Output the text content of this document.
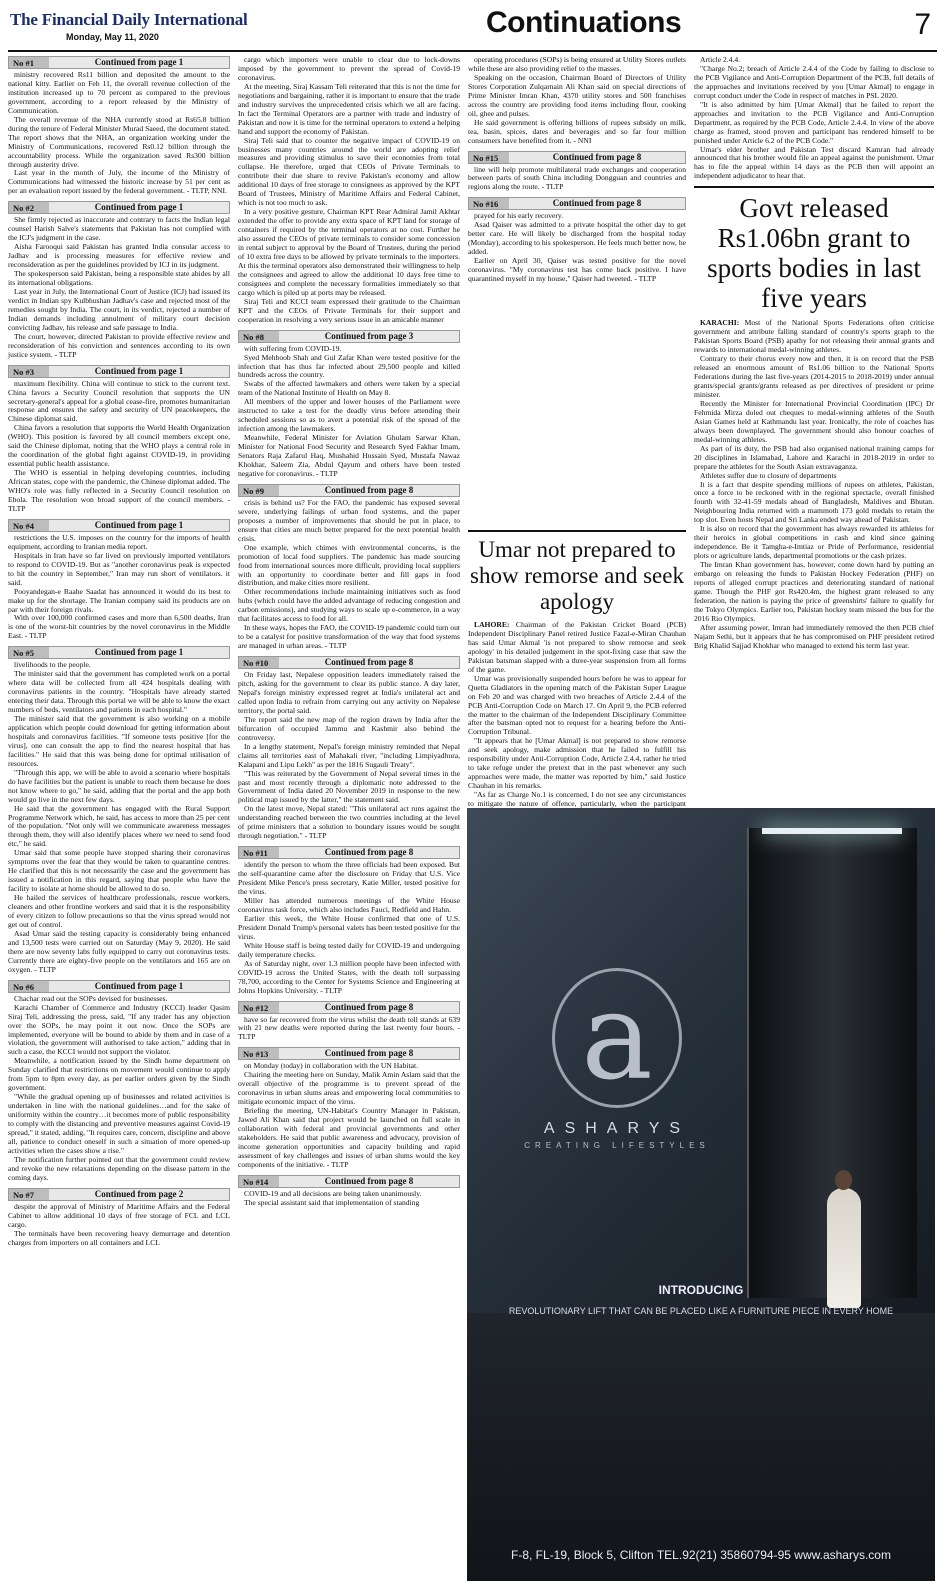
The Financial Daily International
Monday, May 11, 2020	Continuations	7
No #1	Continued from page 1

ministry recovered Rs11 billion and deposited the amount to the national kitty. Earlier on Feb 11, the overall revenue collection of the institution increased up to 70 percent as compared to the previous government, according to a report released by the Ministry of Communication.

The overall revenue of the NHA currently stood at Rs65.8 billion during the tenure of Federal Minister Murad Saeed, the document stated. The report shows that the NHA, an organization working under the Ministry of Communications, recovered Rs0.12 billion through the accountability process. While the organization saved Rs300 billion through austerity drive.

Last year in the month of July, the income of the Ministry of Communications had witnessed the historic increase by 51 per cent as per an evaluation report issued by the federal government. - TLTP, NNI.

No #2	Continued from page 1

She firmly rejected as inaccurate and contrary to facts the Indian legal counsel Harish Salve's statements that Pakistan has not complied with the ICJ's judgment in the case.

Aisha Farooqui said Pakistan has granted India consular access to Jadhav and is processing measures for effective review and reconsideration as per the guidelines provided by ICJ in its judgment.

The spokesperson said Pakistan, being a responsible state abides by all its international obligations.

Last year in July, the International Court of Justice (ICJ) had issued its verdict in Indian spy Kulbhushan Jadhav's case and rejected most of the remedies sought by India. The court, in its verdict, rejected a number of Indian demands including annulment of military court decision convicting Jadhav, his release and safe passage to India.

The court, however, directed Pakistan to provide effective review and reconsideration of his conviction and sentences according to its own justice system. - TLTP

No #3	Continued from page 1

maximum flexibility. China will continue to stick to the current text. China favors a Security Council resolution that supports the UN secretary-general's appeal for a global cease-fire, promotes humanitarian response and ensures the safety and security of UN peacekeepers, the Chinese diplomat said.

China favors a resolution that supports the World Health Organization (WHO). This position is favored by all council members except one, said the Chinese diplomat, noting that the WHO plays a central role in the coordination of the global fight against COVID-19, in providing essential public health assistance.

The WHO is essential in helping developing countries, including African states, cope with the pandemic, the Chinese diplomat added. The WHO's role was fully reflected in a Security Council resolution on Ebola. The resolution won broad support of the council members. - TLTP

No #4	Continued from page 1

restrictions the U.S. imposes on the country for the imports of health equipment, according to Iranian media report.

Hospitals in Iran have so far lived on previously imported ventilators to respond to COVID-19. But as "another coronavirus peak is expected to hit the country in September," Iran may run short of ventilators. it said.

Pooyandegan-e Raahe Saadat has announced it would do its best to make up for the shortage. The Iranian company said its products are on par with their foreign rivals.

With over 100,000 confirmed cases and more than 6,500 deaths, Iran is one of the worst-hit countries by the novel coronavirus in the Middle East. - TLTP

No #5	Continued from page 1

livelihoods to the people.

The minister said that the government has completed work on a portal where data will be collected from all 424 hospitals dealing with coronavirus patients in the country. "Hospitals have already started entering their data. Through this portal we will be able to know the exact numbers of beds, ventilators and patients in each hospital."

The minister said that the government is also working on a mobile application which people could download for getting information about hospitals and coronavirus facilities. "If someone tests positive [for the virus], one can consult the app to find the nearest hospital that has facilities." He said that this was being done for optimal utilisation of resources.

"Through this app, we will be able to avoid a scenario where hospitals do have facilities but the patient is unable to reach them because he does not know where to go," he said, adding that the portal and the app both would go live in the next few days.

He said that the government has engaged with the Rural Support Programme Network which, he said, has access to more than 25 per cent of the population. "Not only will we communicate awareness messages through them, they will also identify places where we need to send food etc," he said.

Umar said that some people have stopped sharing their coronavirus symptoms over the fear that they would be taken to quarantine centres. He clarified that this is not necessarily the case and the government has issued a notification in this regard, saying that people who have the facility to isolate at home should be allowed to do so.

He hailed the services of healthcare professionals, rescue workers, cleaners and other frontline workers and said that it is the responsibility of every citizen to follow precautions so that the virus spread would not get out of control.

Asad Umar said the testing capacity is considerably being enhanced and 13,500 tests were carried out on Saturday (May 9, 2020). He said there are now seventy labs fully equipped to carry out coronavirus tests. Currently there are eighty-five people on the ventilators and 165 are on oxygen. - TLTP

No #6	Continued from page 1

Chachar read out the SOPs devised for businesses.

Karachi Chamber of Commerce and Industry (KCCI) leader Qasim Siraj Teli, addressing the press, said, "If any trader has any objection over the SOPs, he may point it out now. Once the SOPs are implemented, everyone will be bound to abide by them and in case of a violation, the government will authorised to take action," adding that in such a case, the KCCI would not support the violator.

Meanwhile, a notification issued by the Sindh home department on Sunday clarified that restrictions on movement would continue to apply from 5pm to 8pm every day, as per earlier orders given by the Sindh government.

"While the gradual opening up of businesses and related activities is undertaken in line with the national guidelines…and for the sake of uniformity within the country…it becomes more of public responsibility to comply with the distancing and preventive measures against Covid-19 spread," it stated, adding, "It requires care, concern, discipline and above all, patience to conduct oneself in such a situation of more opened-up activities when the cases show a rise."

The notification further pointed out that the government could review and revoke the new relaxations depending on the disease pattern in the coming days.

No #7	Continued from page 2

despite the approval of Ministry of Maritime Affairs and the Federal Cabinet to allow additional 10 days of free storage of FCL and LCL cargo.

The terminals have been recovering heavy demurrage and detention charges from importers on all containers and LCL

cargo which importers were unable to clear due to lock-downs imposed by the government to prevent the spread of Covid-19 coronavirus.

At the meeting, Siraj Kassam Teli reiterated that this is not the time for negotiations and bargaining, rather it is important to ensure that the trade and industry survives the unprecedented crisis which we all are facing. In fact the Terminal Operators are a partner with trade and industry of Pakistan and now it is time for the terminal operators to extend a helping hand and support the economy of Pakistan.

Siraj Teli said that to counter the negative impact of COVID-19 on businesses many countries around the world are adopting relief measures and providing stimulus to save their economies from total collapse. He therefore, urged that CEOs of Private Terminals to contribute their due share to revive Pakistan's economy and allow additional 10 days of free storage to consignees as approved by the KPT Board of Trustees, Ministry of Maritime Affairs and Federal Cabinet, which is not too much to ask.

In a very positive gesture, Chairman KPT Rear Admiral Jamil Akhtar extended the offer to provide any extra space of KPT land for storage of containers if required by the terminal operators at no cost. Further he also assured the CEOs of private terminals to consider some concession in rental subject to approval by the Board of Trustees, during the period of 10 extra free days to be allowed by private terminals to the importers. At this the terminal operators also demonstrated their willingness to help the consignees and agreed to allow the additional 10 days free time to consignees and complete the necessary formalities immediately so that cargo which is piled up at ports may be released.

Siraj Teli and KCCI team expressed their gratitude to the Chairman KPT and the CEOs of Private Terminals for their support and cooperation in resolving a very serious issue in an amicable manner

No #8	Continued from page 3

with suffering from COVID-19.

Syed Mehboob Shah and Gul Zafar Khan were tested positive for the infection that has thus far infected about 29,500 people and killed hundreds across the country.

Swabs of the affected lawmakers and others were taken by a special team of the National Institute of Health on May 8.

All members of the upper and lower houses of the Parliament were instructed to take a test for the deadly virus before attending their scheduled sessions so as to avert a potential risk of the spread of the infection among the lawmakers.

Meanwhile, Federal Minister for Aviation Ghulam Sarwar Khan, Minister for National Food Security and Research Syed Fakhar Imam, Senators Raja Zafarul Haq, Mushahid Hussain Syed, Mustafa Nawaz Khokhar, Saleem Zia, Abdul Qayum and others have been tested negative for coronavirus. - TLTP

No #9	Continued from page 8

crisis is behind us? For the FAO, the pandemic has exposed several severe, underlying failings of urban food systems, and the paper proposes a number of improvements that should be put in place, to ensure that cities are much better prepared for the next potential health crisis.

One example, which chimes with environmental concerns, is the promotion of local food suppliers. The pandemic has made sourcing food from international sources more difficult, providing local suppliers with an opportunity to coordinate better and fill gaps in food distribution, and make cities more resilient.

Other recommendations include maintaining initiatives such as food hubs (which could have the added advantage of reducing congestion and carbon emissions), and studying ways to scale up e-commerce, in a way that facilitates access to food for all.

In these ways, hopes the FAO, the COVID-19 pandemic could turn out to be a catalyst for positive transformation of the way that food systems are managed in urban areas. - TLTP

No #10	Continued from page 8

On Friday last, Nepalese opposition leaders immediately raised the pitch, asking for the government to clear its public stance. A day later, Nepal's foreign ministry expressed regret at India's unilateral act and called upon India to refrain from carrying out any activity on Nepalese territory, the portal said.

The report said the new map of the region drawn by India after the bifurcation of occupied Jammu and Kashmir also behind the controversy.

In a lengthy statement, Nepal's foreign ministry reminded that Nepal claims all territories east of Mahakali river, "including Limpiyadhura, Kalapani and Lipu Lekh" as per the 1816 Sugauli Treaty".

"This was reiterated by the Government of Nepal several times in the past and most recently through a diplomatic note addressed to the Government of India dated 20 November 2019 in response to the new political map issued by the latter," the statement said.

On the latest move, Nepal stated: "This unilateral act runs against the understanding reached between the two countries including at the level of prime ministers that a solution to boundary issues would be sought through negotiation." - TLTP

No #11	Continued from page 8

identify the person to whom the three officials had been exposed. But the self-quarantine came after the disclosure on Friday that U.S. Vice President Mike Pence's press secretary, Katie Miller, tested positive for the virus.

Miller has attended numerous meetings of the White House coronavirus task force, which also includes Fauci, Redfield and Hahn.

Earlier this week, the White House confirmed that one of U.S. President Donald Trump's personal valets has been tested positive for the virus.

White House staff is being tested daily for COVID-19 and undergoing daily temperature checks.

As of Saturday night, over 1.3 million people have been infected with COVID-19 across the United States, with the death toll surpassing 78,700, according to the Center for Systems Science and Engineering at Johns Hopkins University. - TLTP

No #12	Continued from page 8

have so far recovered from the virus whilst the death toll stands at 639 with 21 new deaths were reported during the last twenty four hours. - TLTP

No #13	Continued from page 8

on Monday (today) in collaboration with the UN Habitat.

Chairing the meeting here on Sunday, Malik Amin Aslam said that the overall objective of the programme is to prevent spread of the coronavirus in urban slums areas and empowering local communities to mitigate economic impact of the virus.

Briefing the meeting, UN-Habitat's Country Manager in Pakistan, Jawed Ali Khan said that project would be launched on full scale in collaboration with federal and provincial governments and other stakeholders. He said that public awareness and advocacy, provision of income generation opportunities and capacity building and rapid assessment of key challenges and issues of urban slums would the key components of the initiative. - TLTP

No #14	Continued from page 8

COVID-19 and all decisions are being taken unanimously.

The special assistant said that implementation of standing

operating procedures (SOPs) is being ensured at Utility Stores outlets while these are also providing relief to the masses.

Speaking on the occasion, Chairman Board of Directors of Utility Stores Corporation Zulqarnain Ali Khan said on special directions of Prime Minister Imran Khan, 4370 utility stores and 500 franchises across the country are providing food items including flour, cooking oil, ghee and pulses.

He said government is offering billions of rupees subsidy on milk, tea, basin, spices, dates and beverages and so far four million consumers have benefited from it. - NNI

No #15	Continued from page 8

line will help promote multilateral trade exchanges and cooperation between parts of south China including Dongguan and countries and regions along the route. - TLTP

No #16	Continued from page 8

prayed for his early recovery.

Asad Qaiser was admitted to a private hospital the other day to get better care. He will likely be discharged from the hospital today (Monday), according to his spokesperson. He feels much better now, he added.

Earlier on April 30, Qaiser was tested positive for the novel coronavirus. "My coronavirus test has come back positive. I have quarantined myself in my house," Qaiser had tweeted. - TLTP

Umar not prepared to show remorse and seek apology

LAHORE: Chairman of the Pakistan Cricket Board (PCB) Independent Disciplinary Panel retired Justice Fazal-e-Miran Chauhan has said Umar Akmal 'is not prepared to show remorse and seek apology' in his detailed judgement in the spot-fixing case that saw the Pakistan batsman slapped with a three-year suspension from all forms of the game.

Umar was provisionally suspended hours before he was to appear for Quetta Gladiators in the opening match of the Pakistan Super League on Feb 20 and was charged with two breaches of Article 2.4.4 of the PCB Anti-Corruption Code on March 17. On April 9, the PCB referred the matter to the chairman of the Independent Disciplinary Committee after the batsman opted not to request for a hearing before the Anti-Corruption Tribunal.

"It appears that he [Umar Akmal] is not prepared to show remorse and seek apology, make admission that he failed to fulfill his responsibility under Anti-Corruption Code, Article 2.4.4, rather he tried to take refuge under the pretext that in the past whenever any such approaches were made, the matter was reported by him," said Justice Chauhan in his remarks.

"As far as Charge No.1 is concerned, I do not see any circumstances to mitigate the nature of offence, particularly, when the participant

Article 2.4.4.

"Charge No.2; breach of Article 2.4.4 of the Code by failing to disclose to the PCB Vigilance and Anti-Corruption Department of the PCB, full details of the approaches and invitations received by you [Umar Akmal] to engage in corrupt conduct under the Code in respect of matches in PSL 2020.

"It is also admitted by him [Umar Akmal] that he failed to report the approaches and invitation to the PCB Vigilance and Anti-Corruption Department, as required by the PCB Code, Article 2.4.4. In view of the above charge as framed, stood proven and participant has rendered himself to be punished under Article 6.2 of the PCB Code."

Umar's elder brother and Pakistan Test discard Kamran had already announced that his brother would file an appeal against the punishment. Umar has to file the appeal within 14 days as the PCB then will appoint an independent adjudicator to hear that.

Govt released Rs1.06bn grant to sports bodies in last five years

KARACHI: Most of the National Sports Federations often criticise government and attribute falling standard of country's sports graph to the Pakistan Sports Board (PSB) apathy for not releasing their annual grants and rewards to international medal-winning athletes.

Contrary to their chorus every now and then, it is on record that the PSB released an enormous amount of Rs1.06 billion to the National Sports Federations during the last five-years (2014-2015 to 2018-2019) under annual grants/special grants/grants released as per directives of president or prime minister.

Recently the Minister for International Provincial Coordination (IPC) Dr Fehmida Mirza doled out cheques to medal-winning athletes of the South Asian Games held at Kathmandu last year. Ironically, the role of coaches has always been downplayed. The government should also honour coaches of medal-winning athletes.

As part of its duty, the PSB had also organised national training camps for 20 disciplines in Islamabad, Lahore and Karachi in 2018-2019 in order to prepare the athletes for the South Asian extravaganza.

Athletes suffer due to closure of departments

It is a fact that despite spending millions of rupees on athletes, Pakistan, once a force to be reckoned with in the regional spectacle, overall finished fourth with 32-41-59 medals ahead of Bangladesh, Maldives and Bhutan. Neighbouring India returned with a mammoth 173 gold medals to retain the top slot. Even hosts Nepal and Sri Lanka ended way ahead of Pakistan.

It is also on record that the government has always rewarded its athletes for their heroics in global competitions in cash and kind since gaining independence. Be it Tamgha-e-Imtiaz or Pride of Performance, residential plots or agriculture lands, departmental promotions or the cash prizes.

The Imran Khan government has, however, come down hard by putting an embargo on releasing the funds to Pakistan Hockey Federation (PHF) on reports of alleged corrupt practices and deteriorating standard of national game. Though the PHF got Rs420.4m, the highest grant released to any federation, the nation is paying the price of greenshirts' failure to qualify for the Tokyo Olympics. Earlier too, Pakistan hockey team missed the bus for the 2016 Rio Olympics.

After assuming power, Imran had immediately removed the then PCB chief Najam Sethi, but it appears that he has compromised on PHF president retired Brig Khalid Sajjad Khokhar who managed to extend his term last year.

a
ASHARYS
CREATING LIFESTYLES
INTRODUCING
REVOLUTIONARY LIFT THAT CAN BE PLACED LIKE A FURNITURE PIECE IN EVERY HOME
F-8, FL-19, Block 5, Clifton TEL.92(21) 35860794-95 www.asharys.com
